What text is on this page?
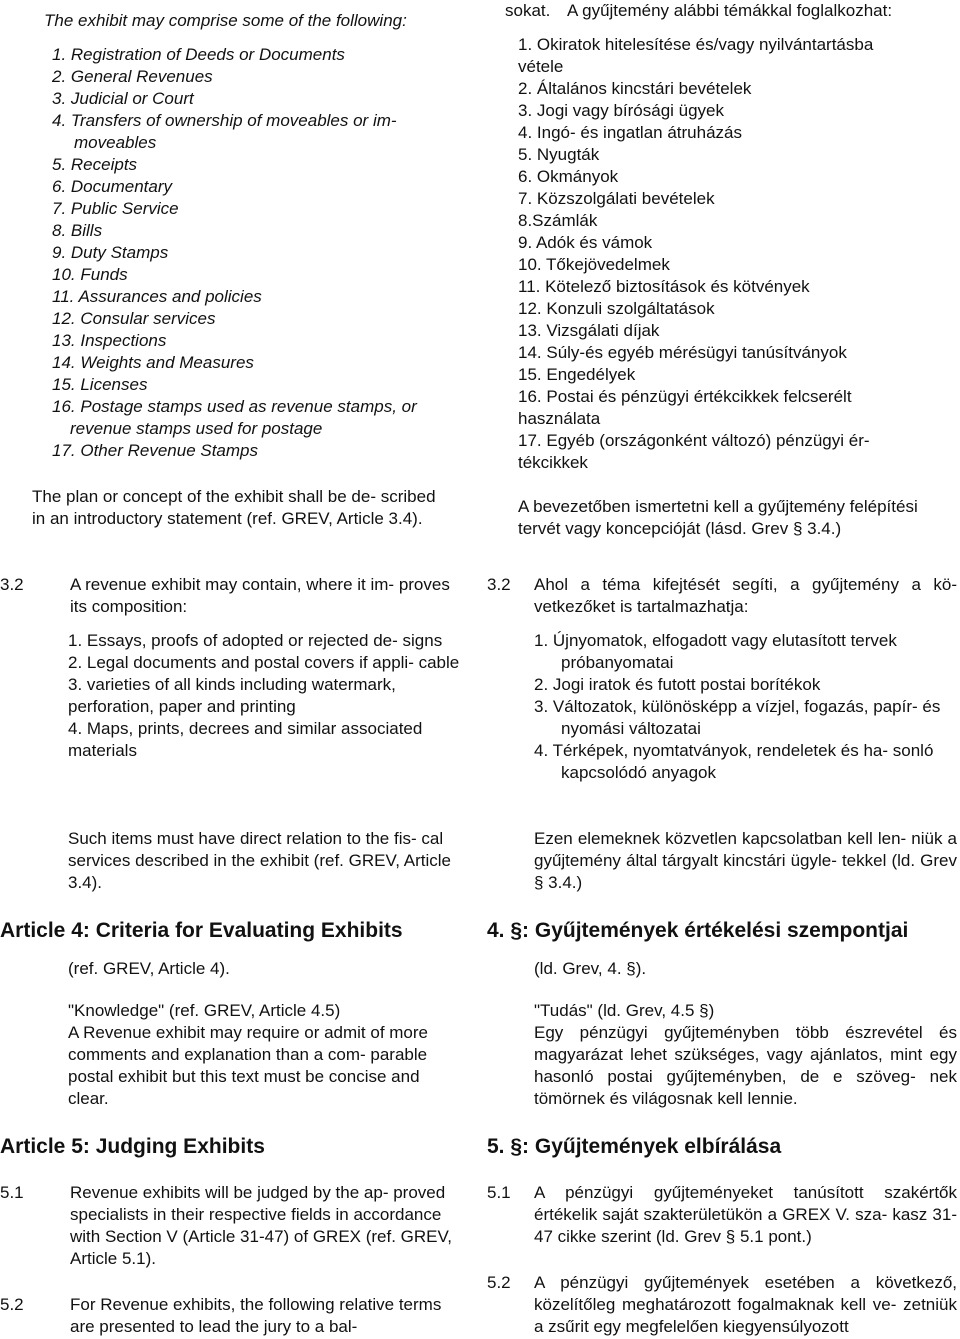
The exhibit may comprise some of the following:

1. Registration of Deeds or Documents

2. General Revenues

3. Judicial or Court

4. Transfers of ownership of moveables or im-

moveables

5. Receipts

6. Documentary

7. Public Service

8. Bills

9. Duty Stamps

10. Funds

11. Assurances and policies

12. Consular services

13. Inspections

14. Weights and Measures

15. Licenses

16. Postage stamps used as revenue stamps, or

revenue stamps used for postage

17. Other Revenue Stamps

The plan or concept of the exhibit shall be de- scribed in an introductory statement (ref. GREV, Article 3.4).

3.2	A revenue exhibit may contain, where it im- proves its composition:

1. Essays, proofs of adopted or rejected de- signs

2. Legal documents and postal covers if appli- cable

3. varieties of all kinds including watermark, perforation, paper and printing

4. Maps, prints, decrees and similar associated materials

Such items must have direct relation to the fis- cal services described in the exhibit (ref. GREV, Article 3.4).

Article 4: Criteria for Evaluating Exhibits

(ref. GREV, Article 4).

"Knowledge" (ref. GREV, Article 4.5)

A Revenue exhibit may require or admit of more comments and explanation than a com- parable postal exhibit but this text must be concise and clear.

Article 5: Judging Exhibits

5.1	Revenue exhibits will be judged by the ap- proved specialists in their respective fields in accordance with Section V (Article 31-47) of GREX (ref. GREV, Article 5.1).
5.2	For Revenue exhibits, the following relative terms are presented to lead the jury to a bal-

sokat. A gyűjtemény alábbi témákkal foglalkozhat:

1. Okiratok hitelesítése és/vagy nyilvántartásba

vétele

2. Általános kincstári bevételek

3. Jogi vagy bírósági ügyek

4. Ingó- és ingatlan átruházás

5. Nyugták

6. Okmányok

7. Közszolgálati bevételek

8.Számlák

9. Adók és vámok

10. Tőkejövedelmek

11. Kötelező biztosítások és kötvények

12. Konzuli szolgáltatások

13. Vizsgálati díjak

14. Súly-és egyéb mérésügyi tanúsítványok

15. Engedélyek

16. Postai és pénzügyi értékcikkek felcserélt

használata

17. Egyéb (országonként változó) pénzügyi ér-

tékcikkek

A bevezetőben ismertetni kell a gyűjtemény felépítési tervét vagy koncepcióját (lásd. Grev § 3.4.)

3.2	Ahol a téma kifejtését segíti, a gyűjtemény a kö- vetkezőket is tartalmazhatja:

1. Újnyomatok, elfogadott vagy elutasított tervek próbanyomatai

2. Jogi iratok és futott postai borítékok

3. Változatok, különösképp a vízjel, fogazás, papír- és nyomási változatai

4. Térképek, nyomtatványok, rendeletek és ha- sonló kapcsolódó anyagok

Ezen elemeknek közvetlen kapcsolatban kell len- niük a gyűjtemény által tárgyalt kincstári ügyle- tekkel (ld. Grev § 3.4.)

4. §: Gyűjtemények értékelési szempontjai

(ld. Grev, 4. §).

"Tudás" (ld. Grev, 4.5 §)

Egy pénzügyi gyűjteményben több észrevétel és magyarázat lehet szükséges, vagy ajánlatos, mint egy hasonló postai gyűjteményben, de e szöveg- nek tömörnek és világosnak kell lennie.

5. §: Gyűjtemények elbírálása

5.1	A pénzügyi gyűjteményeket tanúsított szakértők értékelik saját szakterületükön a GREX V. sza- kasz 31-47 cikke szerint (ld. Grev § 5.1 pont.)
5.2	A pénzügyi gyűjtemények esetében a következő, közelítőleg meghatározott fogalmaknak kell ve- zetniük a zsűrit egy megfelelően kiegyensúlyozott
